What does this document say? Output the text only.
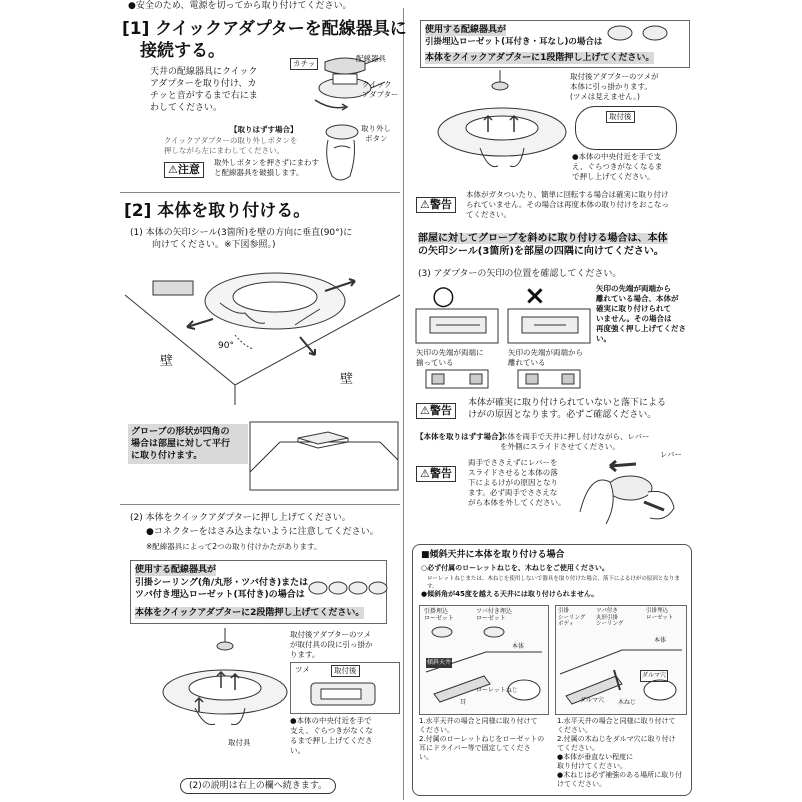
●安全のため、電源を切ってから取り付けてください。
[1] クイックアダプターを配線器具に
接続する。
天井の配線器具にクイック
アダプターを取り付け、カ
チッと音がするまで右にま
わしてください。
カチッ
配線器具
クイック
アダプター
【取りはずす場合】
クイックアダプターの取り外しボタンを
押しながら左にまわしてください。
取り外し
ボタン
⚠注意
取外しボタンを押さずにまわす
と配線器具を破損します。
[2] 本体を取り付ける。
(1) 本体の矢印シール(3箇所)を壁の方向に垂直(90°)に
向けてください。※下図参照。)
90°
壁
壁
グローブの形状が四角の
場合は部屋に対して平行
に取り付けます。
(2) 本体をクイックアダプターに押し上げてください。
●コネクターをはさみ込まないように注意してください。
※配線器具によって2つの取り付けかたがあります。
使用する配線器具が
引掛シーリング(角/丸形・ツバ付き)または
ツバ付き埋込ローゼット(耳付き)の場合は
本体をクイックアダプターに2段階押し上げてください。
取付具
取付後アダプターのツメ
が取付具の段に引っ掛か
ります。
ツメ	取付後
●本体の中央付近を手で
支え、ぐらつきがなくな
るまで押し上げてくださ
い。
(2)の説明は右上の欄へ続きます。
使用する配線器具が
引掛埋込ローゼット(耳付き・耳なし)の場合は
本体をクイックアダプターに1段階押し上げてください。
取付後アダプターのツメが
本体に引っ掛かります。
(ツメは見えません。)
取付後
●本体の中央付近を手で支
え、ぐらつきがなくなるま
で押し上げてください。
⚠警告
本体がガタついたり、簡単に回転する場合は確実に取り付け
られていません。その場合は再度本体の取り付けをおこなっ
てください。
部屋に対してグローブを斜めに取り付ける場合は、本体
の矢印シール(3箇所)を部屋の四隅に向けてください。
(3) アダプターの矢印の位置を確認してください。
○	×
矢印の先端が両端に
揃っている
矢印の先端が両端から
離れている
矢印の先端が両端から
離れている場合、本体が
確実に取り付けられて
いません。その場合は
再度強く押し上げてくださ
い。
⚠警告
本体が確実に取り付けられていないと落下による
けがの原因となります。必ずご確認ください。
【本体を取りはずす場合】
本体を両手で天井に押し付けながら、レバー
を外側にスライドさせてください。
⚠警告
両手でささえずにレバーを
スライドさせると本体の落
下によるけがの原因となり
ます。必ず両手でささえな
がら本体を外してください。
レバー
■傾斜天井に本体を取り付ける場合
○必ず付属のローレットねじを、木ねじをご使用ください。
ローレットねじまたは、木ねじを使用しないで器具を取り付けた場合、落下によるけがの原因となります。
●傾斜角が45度を越える天井には取り付けられません。
引掛埋込
ローゼット
ツバ付き埋込
ローゼット
本体
傾斜天井
ローレットねじ
耳
引掛
シーリング
ボディ
ツバ付き
丸形引掛
シーリング
引掛埋込
ローゼット
本体
ダルマ穴
ダルマ穴 木ねじ
1.水平天井の場合と同様に取り付けて
ください。
2.付属のローレットねじをローゼットの
耳にドライバー等で固定してくださ
い。
1.水平天井の場合と同様に取り付けて
ください。
2.付属の木ねじをダルマ穴に取り付け
てください。
●本体が垂直ない程度に
取り付けてください。
●木ねじは必ず補強のある場所に取り付
けてください。
